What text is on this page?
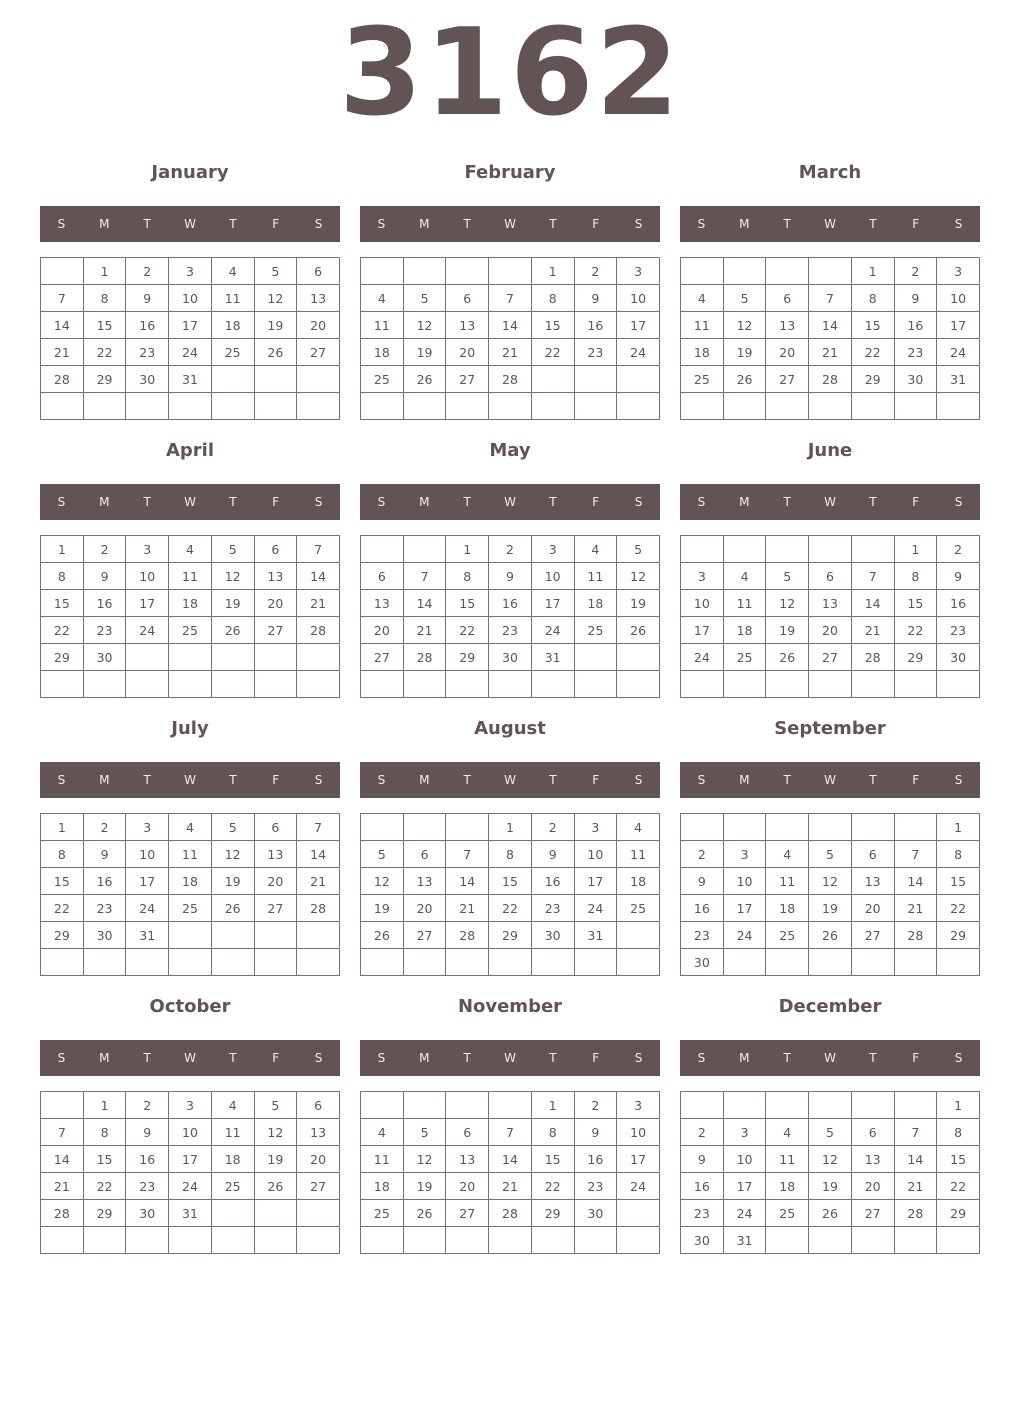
3162
January
S	M	T	W	T	F	S
	1	2	3	4	5	6
7	8	9	10	11	12	13
14	15	16	17	18	19	20
21	22	23	24	25	26	27
28	29	30	31			

February
S	M	T	W	T	F	S
				1	2	3
4	5	6	7	8	9	10
11	12	13	14	15	16	17
18	19	20	21	22	23	24
25	26	27	28			

March
S	M	T	W	T	F	S
				1	2	3
4	5	6	7	8	9	10
11	12	13	14	15	16	17
18	19	20	21	22	23	24
25	26	27	28	29	30	31

April
S	M	T	W	T	F	S
1	2	3	4	5	6	7
8	9	10	11	12	13	14
15	16	17	18	19	20	21
22	23	24	25	26	27	28
29	30					

May
S	M	T	W	T	F	S
		1	2	3	4	5
6	7	8	9	10	11	12
13	14	15	16	17	18	19
20	21	22	23	24	25	26
27	28	29	30	31		

June
S	M	T	W	T	F	S
					1	2
3	4	5	6	7	8	9
10	11	12	13	14	15	16
17	18	19	20	21	22	23
24	25	26	27	28	29	30

July
S	M	T	W	T	F	S
1	2	3	4	5	6	7
8	9	10	11	12	13	14
15	16	17	18	19	20	21
22	23	24	25	26	27	28
29	30	31				

August
S	M	T	W	T	F	S
			1	2	3	4
5	6	7	8	9	10	11
12	13	14	15	16	17	18
19	20	21	22	23	24	25
26	27	28	29	30	31	

September
S	M	T	W	T	F	S
						1
2	3	4	5	6	7	8
9	10	11	12	13	14	15
16	17	18	19	20	21	22
23	24	25	26	27	28	29
30						
October
S	M	T	W	T	F	S
	1	2	3	4	5	6
7	8	9	10	11	12	13
14	15	16	17	18	19	20
21	22	23	24	25	26	27
28	29	30	31			

November
S	M	T	W	T	F	S
				1	2	3
4	5	6	7	8	9	10
11	12	13	14	15	16	17
18	19	20	21	22	23	24
25	26	27	28	29	30	

December
S	M	T	W	T	F	S
						1
2	3	4	5	6	7	8
9	10	11	12	13	14	15
16	17	18	19	20	21	22
23	24	25	26	27	28	29
30	31					
